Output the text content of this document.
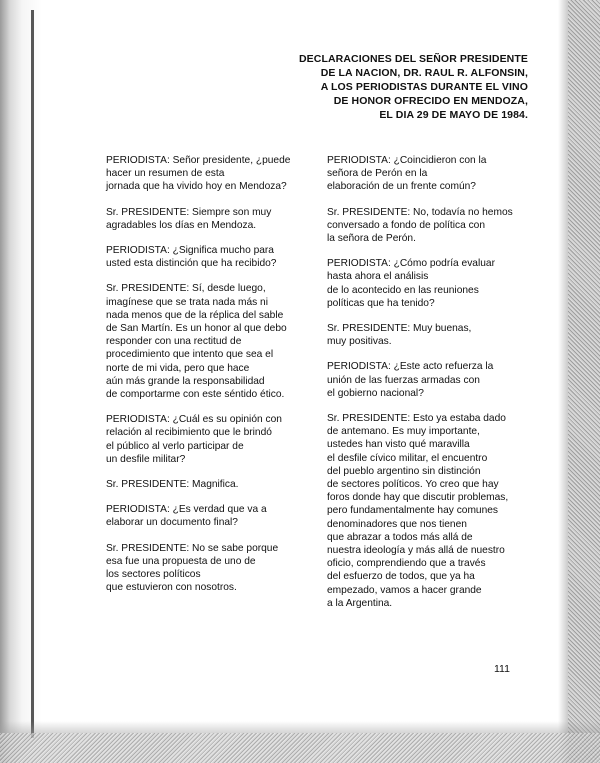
DECLARACIONES DEL SEÑOR PRESIDENTE
DE LA NACION, DR. RAUL R. ALFONSIN,
A LOS PERIODISTAS DURANTE EL VINO
DE HONOR OFRECIDO EN MENDOZA,
EL DIA 29 DE MAYO DE 1984.
PERIODISTA: Señor presidente, ¿puede
hacer un resumen de esta
jornada que ha vivido hoy en Mendoza?
Sr. PRESIDENTE: Siempre son muy
agradables los días en Mendoza.
PERIODISTA: ¿Significa mucho para
usted esta distinción que ha recibido?
Sr. PRESIDENTE: Sí, desde luego,
imagínese que se trata nada más ni
nada menos que de la réplica del sable
de San Martín. Es un honor al que debo
responder con una rectitud de
procedimiento que intento que sea el
norte de mi vida, pero que hace
aún más grande la responsabilidad
de comportarme con este séntido ético.
PERIODISTA: ¿Cuál es su opinión con
relación al recibimiento que le brindó
el público al verlo participar de
un desfile militar?
Sr. PRESIDENTE: Magnifica.
PERIODISTA: ¿Es verdad que va a
elaborar un documento final?
Sr. PRESIDENTE: No se sabe porque
esa fue una propuesta de uno de
los sectores políticos
que estuvieron con nosotros.
PERIODISTA: ¿Coincidieron con la
señora de Perón en la
elaboración de un frente común?
Sr. PRESIDENTE: No, todavía no hemos
conversado a fondo de política con
la señora de Perón.
PERIODISTA: ¿Cómo podría evaluar
hasta ahora el análisis
de lo acontecido en las reuniones
políticas que ha tenido?
Sr. PRESIDENTE: Muy buenas,
muy positivas.
PERIODISTA: ¿Este acto refuerza la
unión de las fuerzas armadas con
el gobierno nacional?
Sr. PRESIDENTE: Esto ya estaba dado
de antemano. Es muy importante,
ustedes han visto qué maravilla
el desfile cívico militar, el encuentro
del pueblo argentino sin distinción
de sectores políticos. Yo creo que hay
foros donde hay que discutir problemas,
pero fundamentalmente hay comunes
denominadores que nos tienen
que abrazar a todos más allá de
nuestra ideología y más allá de nuestro
oficio, comprendiendo que a través
del esfuerzo de todos, que ya ha
empezado, vamos a hacer grande
a la Argentina.
111
